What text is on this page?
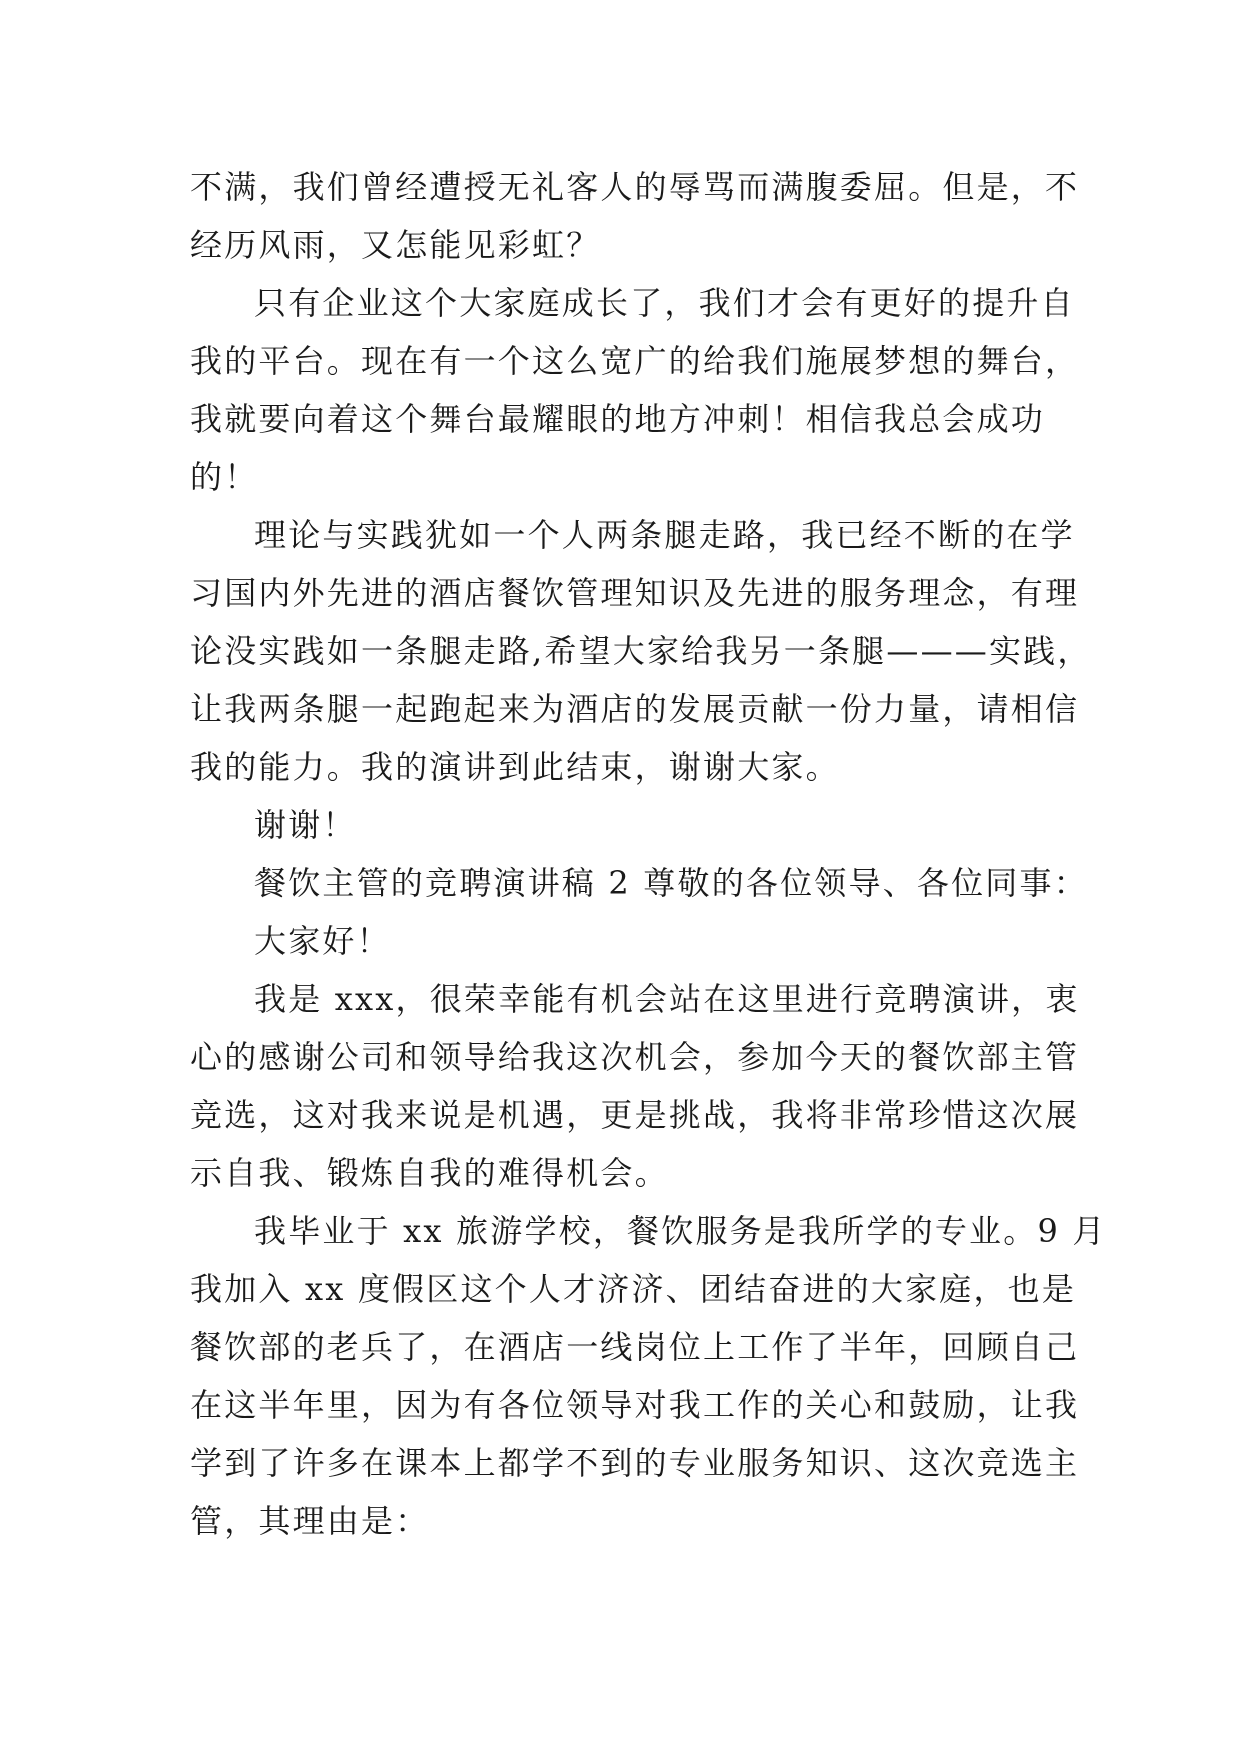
不满，我们曾经遭授无礼客人的辱骂而满腹委屈。但是，不
经历风雨，又怎能见彩虹？
只有企业这个大家庭成长了，我们才会有更好的提升自
我的平台。现在有一个这么宽广的给我们施展梦想的舞台，
我就要向着这个舞台最耀眼的地方冲刺！相信我总会成功
的！
理论与实践犹如一个人两条腿走路，我已经不断的在学
习国内外先进的酒店餐饮管理知识及先进的服务理念，有理
论没实践如一条腿走路,希望大家给我另一条腿———实践，
让我两条腿一起跑起来为酒店的发展贡献一份力量，请相信
我的能力。我的演讲到此结束，谢谢大家。
谢谢！
餐饮主管的竞聘演讲稿 2 尊敬的各位领导、各位同事：
大家好！
我是 xxx，很荣幸能有机会站在这里进行竞聘演讲，衷
心的感谢公司和领导给我这次机会，参加今天的餐饮部主管
竞选，这对我来说是机遇，更是挑战，我将非常珍惜这次展
示自我、锻炼自我的难得机会。
我毕业于 xx 旅游学校，餐饮服务是我所学的专业。9 月
我加入 xx 度假区这个人才济济、团结奋进的大家庭，也是
餐饮部的老兵了，在酒店一线岗位上工作了半年，回顾自己
在这半年里，因为有各位领导对我工作的关心和鼓励，让我
学到了许多在课本上都学不到的专业服务知识、这次竞选主
管，其理由是：
